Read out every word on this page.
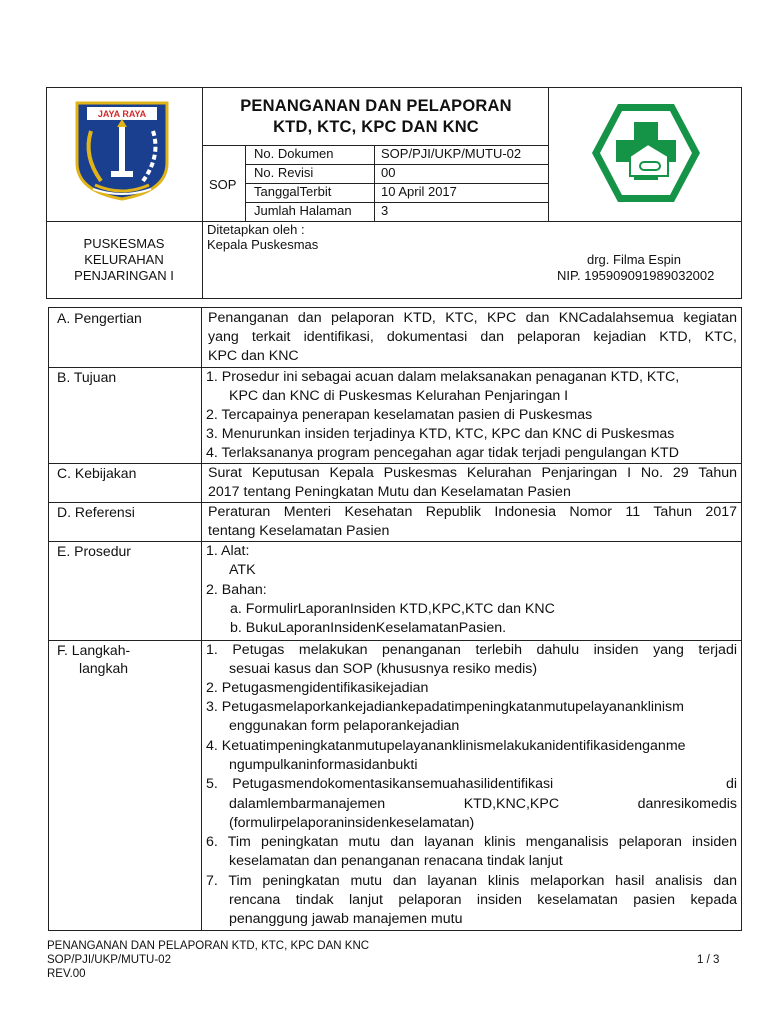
JAYA RAYA	PENANGANAN DAN PELAPORAN
KTD, KTC, KPC DAN KNC
SOP
No. Dokumen	SOP/PJI/UKP/MUTU-02
No. Revisi	00
TanggalTerbit	10 April 2017
Jumlah Halaman 3
PUSKESMAS
KELURAHAN
PENJARINGAN I
Ditetapkan oleh :
Kepala Puskesmas
drg. Filma Espin
NIP. 195909091989032002
A. Pengertian	Penanganan dan pelaporan KTD, KTC, KPC dan KNCadalahsemua kegiatan
yang terkait identifikasi, dokumentasi dan pelaporan kejadian KTD, KTC,
KPC dan KNC
B. Tujuan	1. Prosedur ini sebagai acuan dalam melaksanakan penaganan KTD, KTC,
KPC dan KNC di Puskesmas Kelurahan Penjaringan I
2. Tercapainya penerapan keselamatan pasien di Puskesmas
3. Menurunkan insiden terjadinya KTD, KTC, KPC dan KNC di Puskesmas
4. Terlaksananya program pencegahan agar tidak terjadi pengulangan KTD
C. Kebijakan	Surat Keputusan Kepala Puskesmas Kelurahan Penjaringan I No. 29 Tahun
2017 tentang Peningkatan Mutu dan Keselamatan Pasien
D. Referensi	Peraturan Menteri Kesehatan Republik Indonesia Nomor 11 Tahun 2017
tentang Keselamatan Pasien
E. Prosedur	1. Alat:
ATK
2. Bahan:
a. FormulirLaporanInsiden KTD,KPC,KTC dan KNC
b. BukuLaporanInsidenKeselamatanPasien.
F. Langkah-
langkah
1. Petugas melakukan penanganan terlebih dahulu insiden yang terjadi
sesuai kasus dan SOP (khususnya resiko medis)
2. Petugasmengidentifikasikejadian
3. Petugasmelaporkankejadiankepadatimpeningkatanmutupelayananklinism
enggunakan form pelaporankejadian
4. Ketuatimpeningkatanmutupelayananklinismelakukanidentifikasidenganme
ngumpulkaninformasidanbukti
5.  Petugasmendokomentasikansemuahasilidentifikasi                        di
dalamlembarmanajemen           KTD,KNC,KPC           danresikomedis
(formulirpelaporaninsidenkeselamatan)
6. Tim peningkatan mutu dan layanan klinis menganalisis pelaporan insiden
keselamatan dan penanganan renacana tindak lanjut
7. Tim peningkatan mutu dan layanan klinis melaporkan hasil analisis dan
rencana tindak lanjut pelaporan insiden keselamatan pasien kepada
penanggung jawab manajemen mutu
PENANGANAN DAN PELAPORAN KTD, KTC, KPC DAN KNC
SOP/PJI/UKP/MUTU-02
REV.00
1 / 3
